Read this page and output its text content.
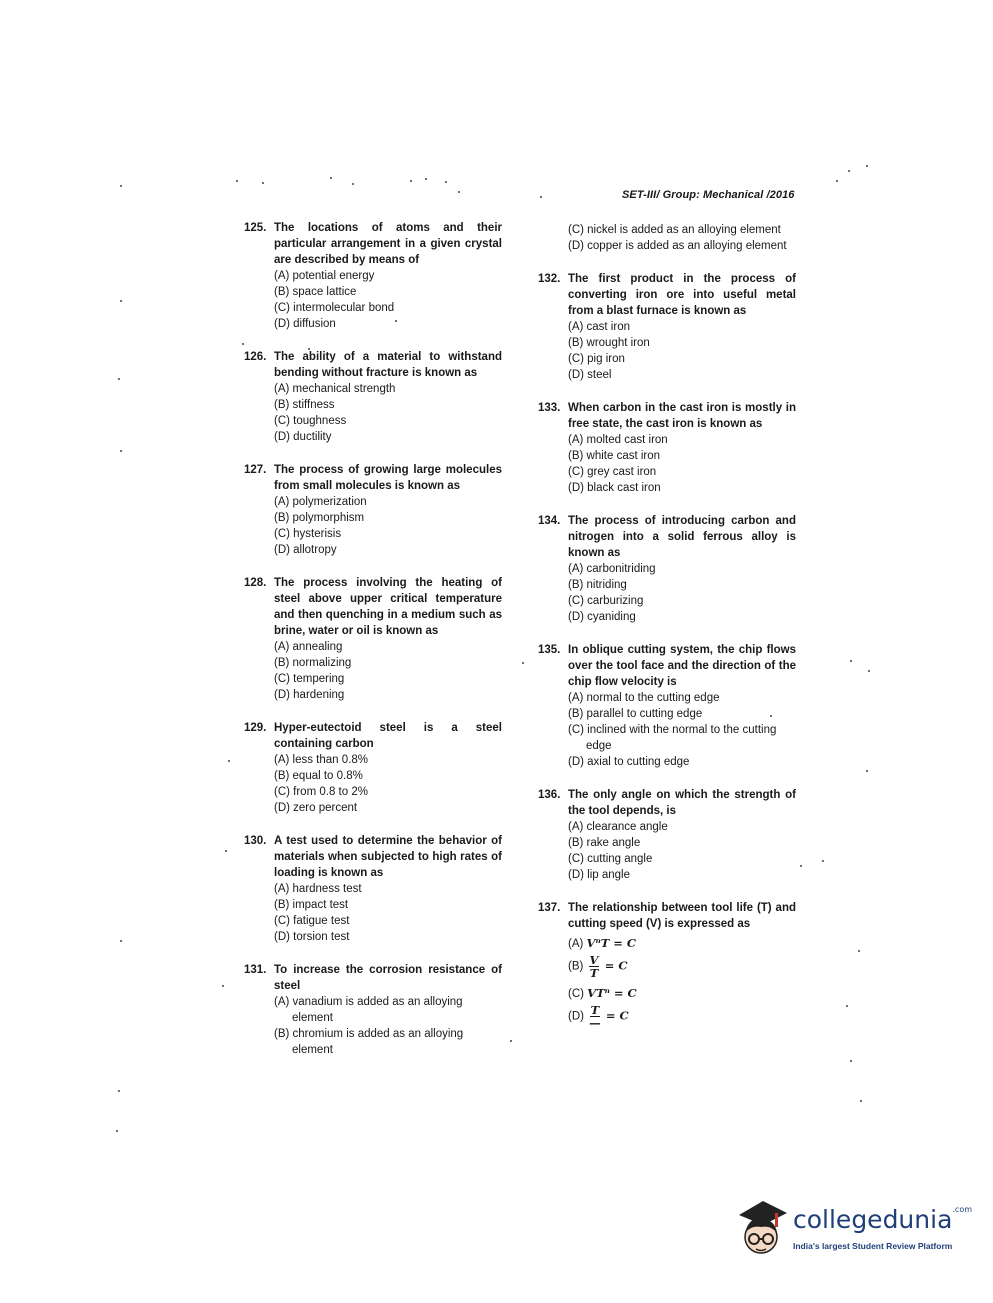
SET-III/ Group: Mechanical /2016
125. The locations of atoms and their particular arrangement in a given crystal are described by means of
(A) potential energy
(B) space lattice
(C) intermolecular bond
(D) diffusion
126. The ability of a material to withstand bending without fracture is known as
(A) mechanical strength
(B) stiffness
(C) toughness
(D) ductility
127. The process of growing large molecules from small molecules is known as
(A) polymerization
(B) polymorphism
(C) hysterisis
(D) allotropy
128. The process involving the heating of steel above upper critical temperature and then quenching in a medium such as brine, water or oil is known as
(A) annealing
(B) normalizing
(C) tempering
(D) hardening
129. Hyper-eutectoid steel is a steel containing carbon
(A) less than 0.8%
(B) equal to 0.8%
(C) from 0.8 to 2%
(D) zero percent
130. A test used to determine the behavior of materials when subjected to high rates of loading is known as
(A) hardness test
(B) impact test
(C) fatigue test
(D) torsion test
131. To increase the corrosion resistance of steel
(A) vanadium is added as an alloying element
(B) chromium is added as an alloying element
(C) nickel is added as an alloying element
(D) copper is added as an alloying element
132. The first product in the process of converting iron ore into useful metal from a blast furnace is known as
(A) cast iron
(B) wrought iron
(C) pig iron
(D) steel
133. When carbon in the cast iron is mostly in free state, the cast iron is known as
(A) molted cast iron
(B) white cast iron
(C) grey cast iron
(D) black cast iron
134. The process of introducing carbon and nitrogen into a solid ferrous alloy is known as
(A) carbonitriding
(B) nitriding
(C) carburizing
(D) cyaniding
135. In oblique cutting system, the chip flows over the tool face and the direction of the chip flow velocity is
(A) normal to the cutting edge
(B) parallel to cutting edge
(C) inclined with the normal to the cutting edge
(D) axial to cutting edge
136. The only angle on which the strength of the tool depends, is
(A) clearance angle
(B) rake angle
(C) cutting angle
(D) lip angle
137. The relationship between tool life (T) and cutting speed (V) is expressed as
(A) VⁿT = C
$(B) \frac{V}{T} = C$
(C) VTⁿ = C
$(D) \frac{T}{—} = C$
collegedunia$^{.com}$
India's largest Student Review Platform
